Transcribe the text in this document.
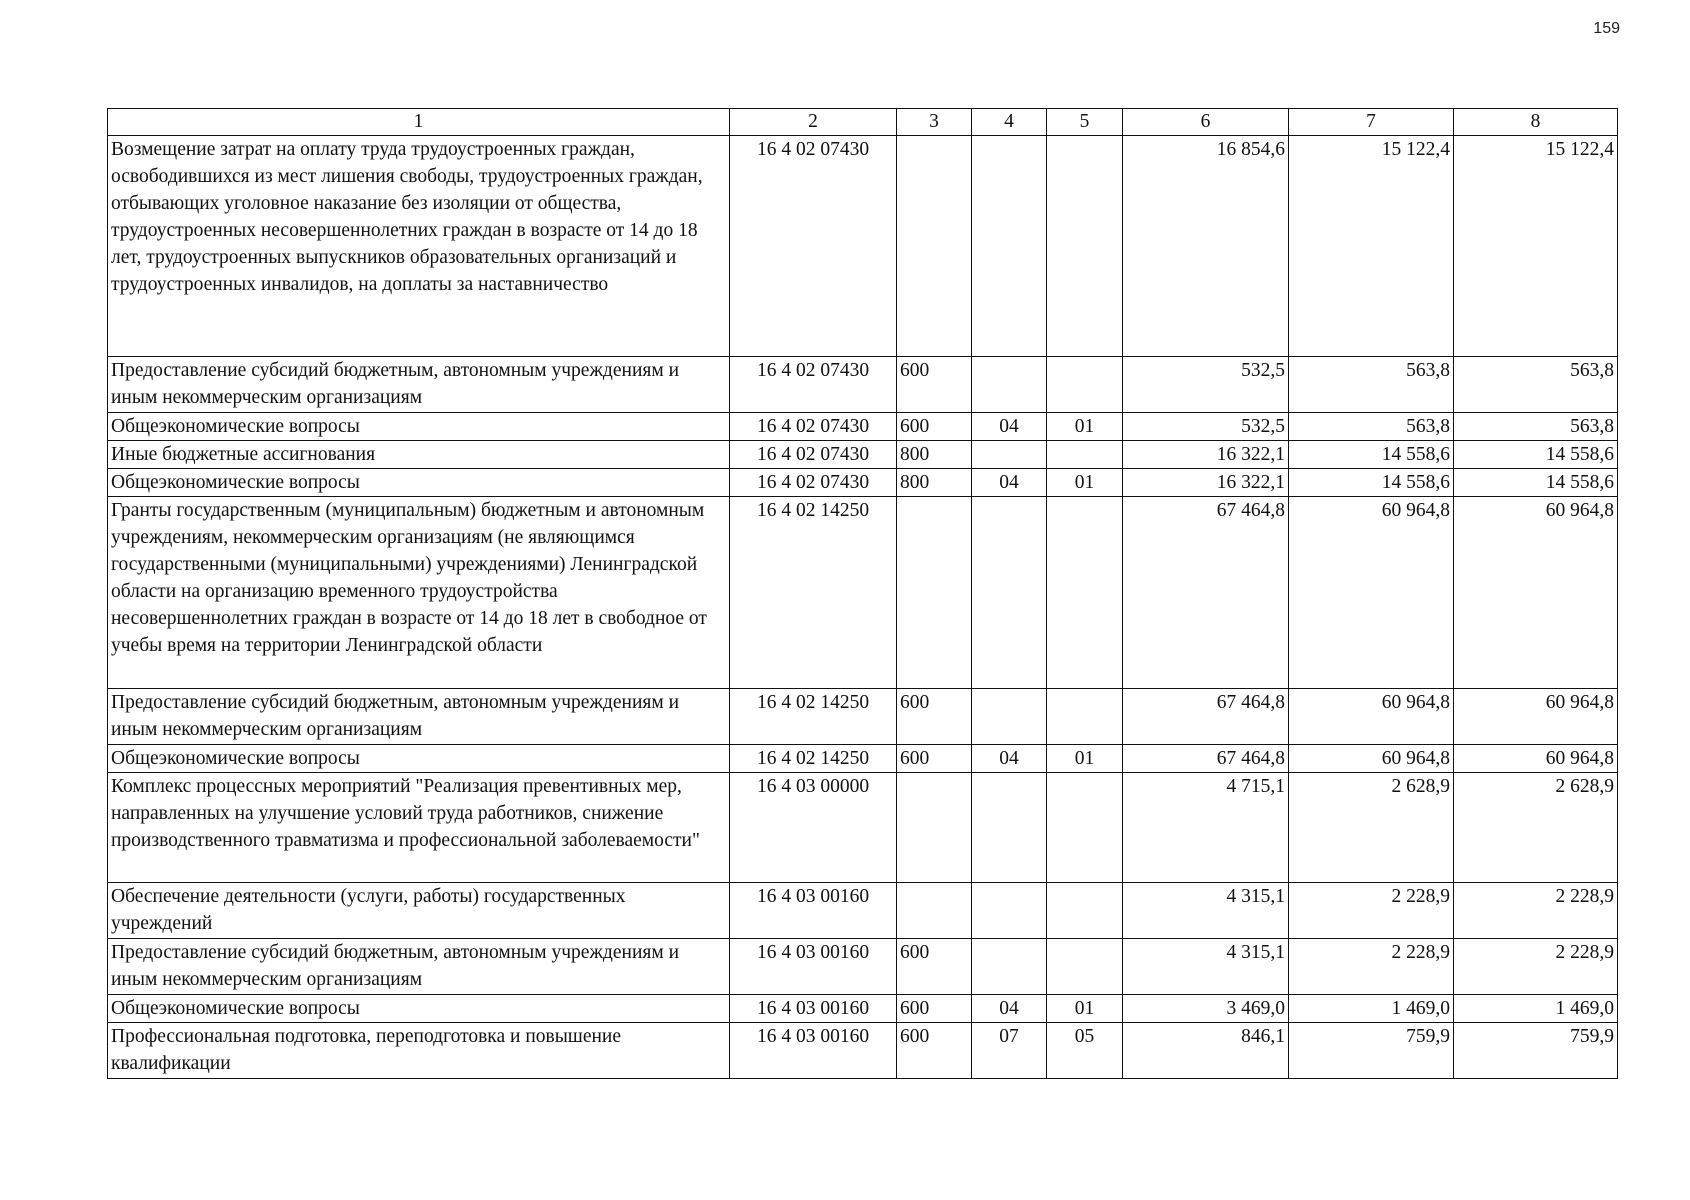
159
1	2	3	4	5	6	7	8
Возмещение затрат на оплату труда трудоустроенных граждан, освободившихся из мест лишения свободы, трудоустроенных граждан, отбывающих уголовное наказание без изоляции от общества, трудоустроенных несовершеннолетних граждан в возрасте от 14 до 18 лет, трудоустроенных выпускников образовательных организаций и трудоустроенных инвалидов, на доплаты за наставничество	16 4 02 07430				16 854,6	15 122,4	15 122,4
Предоставление субсидий бюджетным, автономным учреждениям и иным некоммерческим организациям	16 4 02 07430	600			532,5	563,8	563,8
Общеэкономические вопросы	16 4 02 07430	600	04	01	532,5	563,8	563,8
Иные бюджетные ассигнования	16 4 02 07430	800			16 322,1	14 558,6	14 558,6
Общеэкономические вопросы	16 4 02 07430	800	04	01	16 322,1	14 558,6	14 558,6
Гранты государственным (муниципальным) бюджетным и автономным учреждениям, некоммерческим организациям (не являющимся государственными (муниципальными) учреждениями) Ленинградской области на организацию временного трудоустройства несовершеннолетних граждан в возрасте от 14 до 18 лет в свободное от учебы время на территории Ленинградской области	16 4 02 14250				67 464,8	60 964,8	60 964,8
Предоставление субсидий бюджетным, автономным учреждениям и иным некоммерческим организациям	16 4 02 14250	600			67 464,8	60 964,8	60 964,8
Общеэкономические вопросы	16 4 02 14250	600	04	01	67 464,8	60 964,8	60 964,8
Комплекс процессных мероприятий "Реализация превентивных мер, направленных на улучшение условий труда работников, снижение производственного травматизма и профессиональной заболеваемости"	16 4 03 00000				4 715,1	2 628,9	2 628,9
Обеспечение деятельности (услуги, работы) государственных учреждений	16 4 03 00160				4 315,1	2 228,9	2 228,9
Предоставление субсидий бюджетным, автономным учреждениям и иным некоммерческим организациям	16 4 03 00160	600			4 315,1	2 228,9	2 228,9
Общеэкономические вопросы	16 4 03 00160	600	04	01	3 469,0	1 469,0	1 469,0
Профессиональная подготовка, переподготовка и повышение квалификации	16 4 03 00160	600	07	05	846,1	759,9	759,9
